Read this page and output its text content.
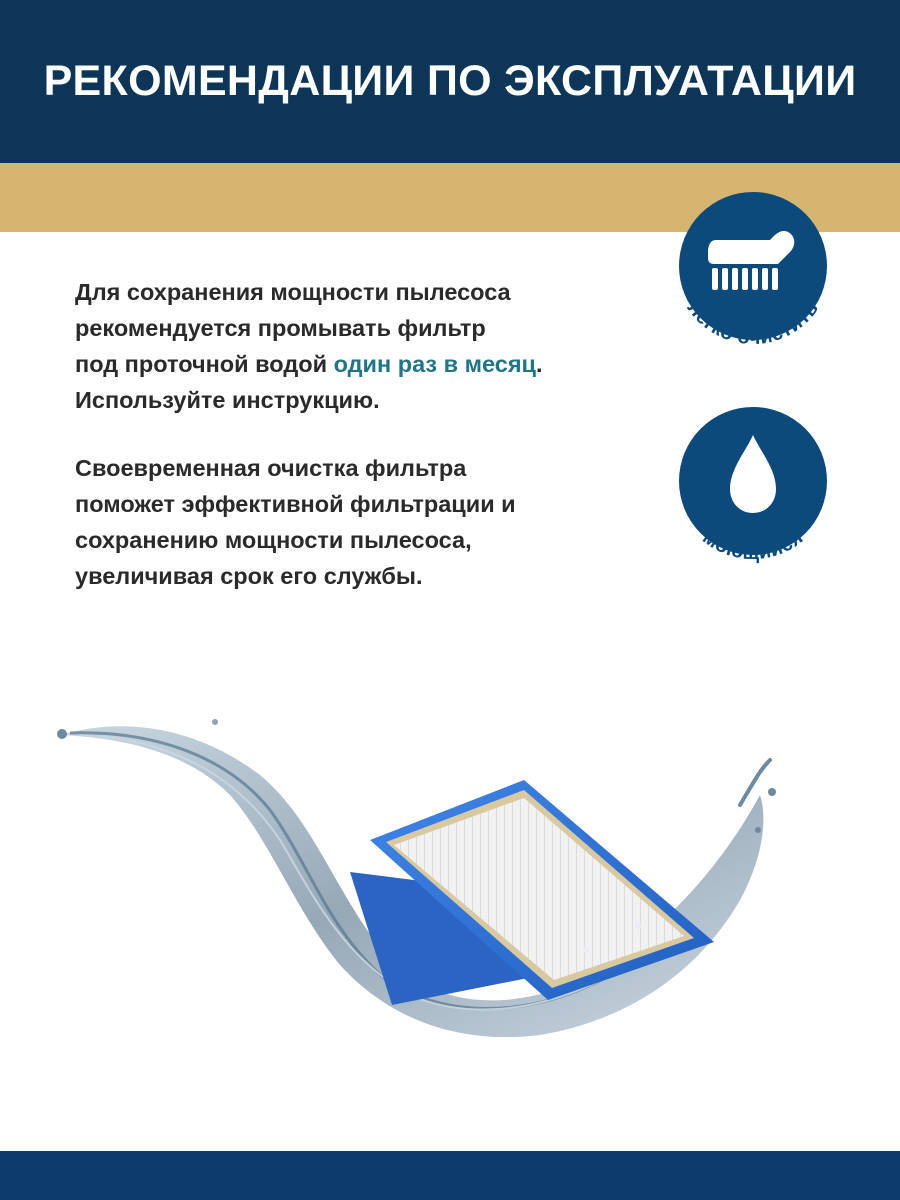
РЕКОМЕНДАЦИИ ПО ЭКСПЛУАТАЦИИ

Для сохранения мощности пылесоса

рекомендуется промывать фильтр

под проточной водой один раз в месяц.

Используйте инструкцию.

Своевременная очистка фильтра

поможет эффективной фильтрации и

сохранению мощности пылесоса,

увеличивая срок его службы.

легко очистить
моющийся
